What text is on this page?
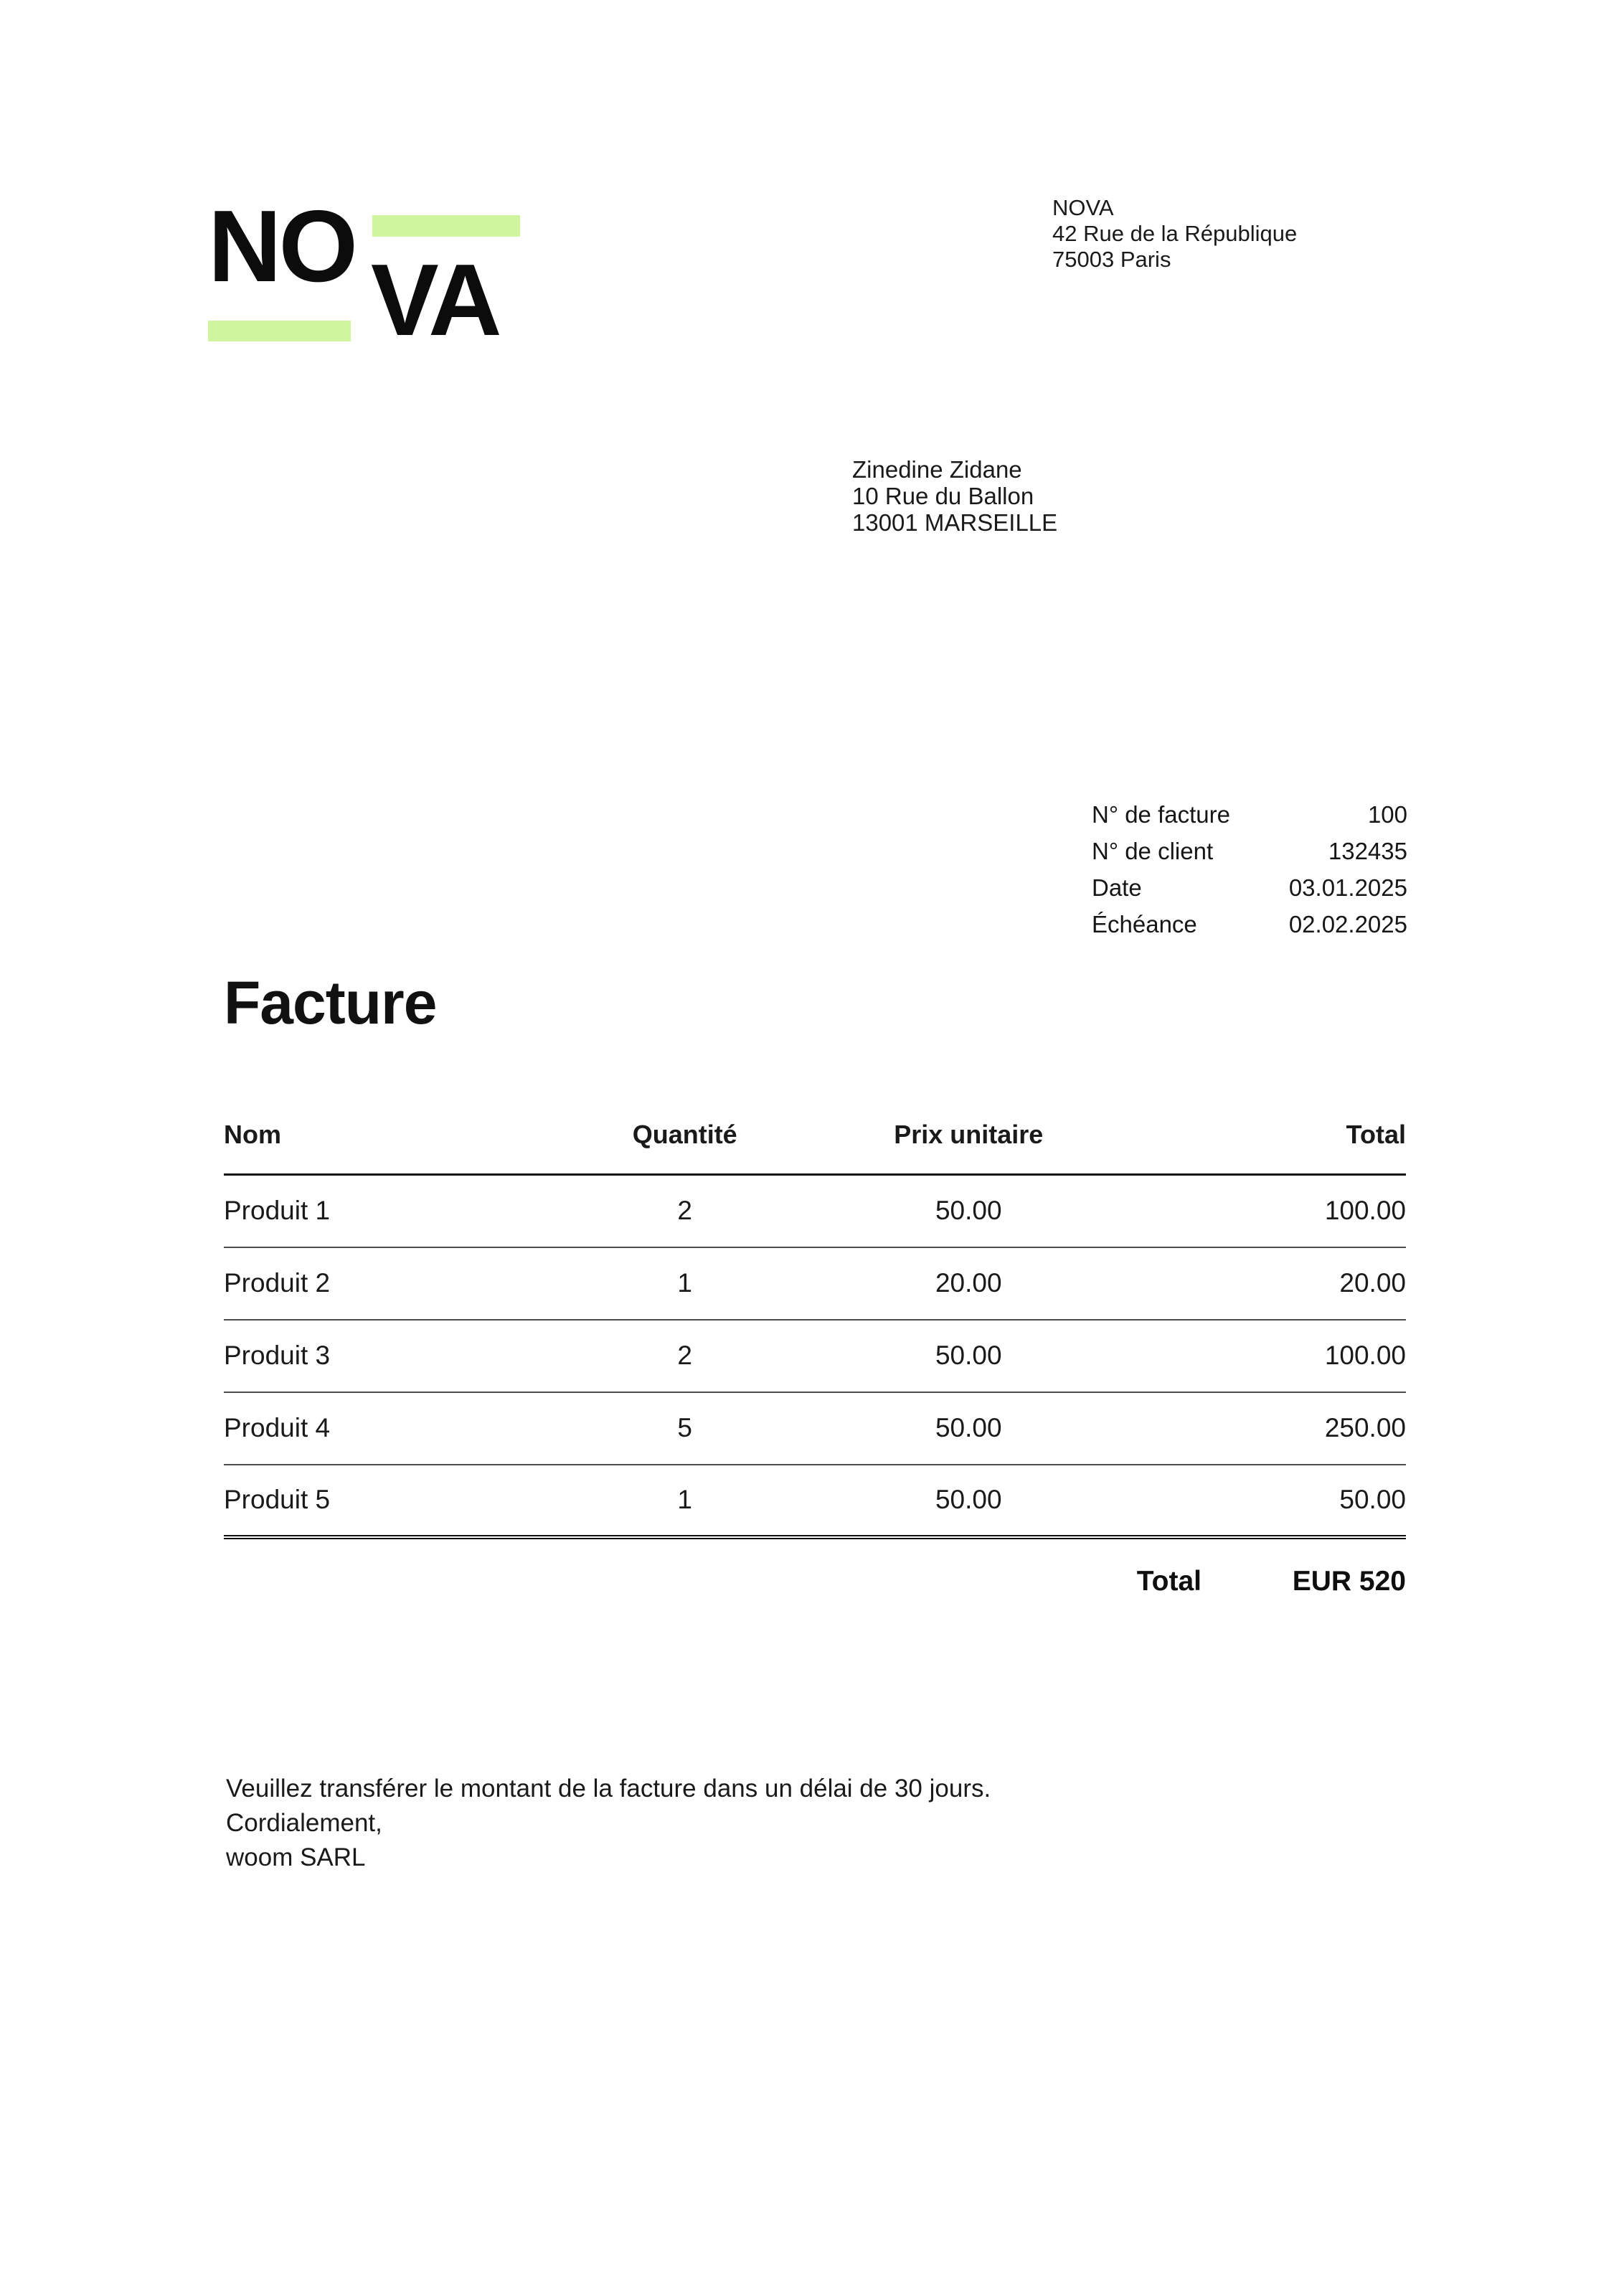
NO VA
NOVA
42 Rue de la République
75003 Paris
Zinedine Zidane
10 Rue du Ballon
13001 MARSEILLE
N° de facture	100
N° de client	132435
Date	03.01.2025
Échéance	02.02.2025
Facture
Nom	Quantité	Prix unitaire	Total
Produit 1	2	50.00	100.00
Produit 2	1	20.00	20.00
Produit 3	2	50.00	100.00
Produit 4	5	50.00	250.00
Produit 5	1	50.00	50.00
Total	EUR 520
Veuillez transférer le montant de la facture dans un délai de 30 jours.
Cordialement,
woom SARL
